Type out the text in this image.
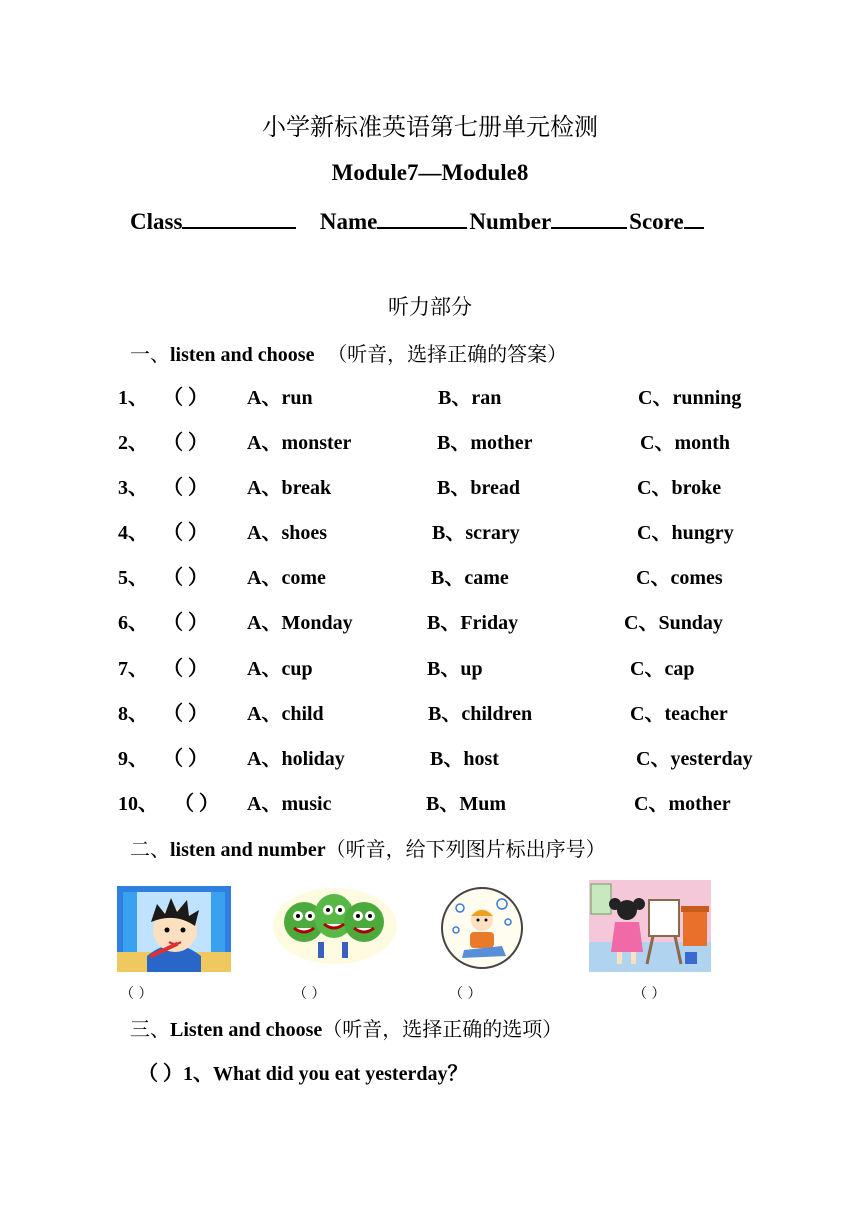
小学新标准英语第七册单元检测
Module7—Module8
Class	Name	Number	Score
听力部分
一、listen and choose （听音，选择正确的答案）
1、 （ ） A、run	B、ran	C、running
2、 （ ） A、monster	B、mother	C、month
3、 （ ） A、break	B、bread	C、broke
4、 （ ） A、shoes	B、scrary	C、hungry
5、 （ ） A、come	B、came	C、comes
6、 （ ） A、Monday	B、Friday	C、Sunday
7、 （ ） A、cup	B、up	C、cap
8、 （ ） A、child	B、children	C、teacher
9、 （ ） A、holiday	B、host	C、yesterday
10、 （ ） A、music	B、Mum	C、mother
二、listen and number（听音，给下列图片标出序号）
（ ）	（ ）	（ ）	（ ）
三、Listen and choose（听音，选择正确的选项）
（ ）1、What did you eat yesterday？
